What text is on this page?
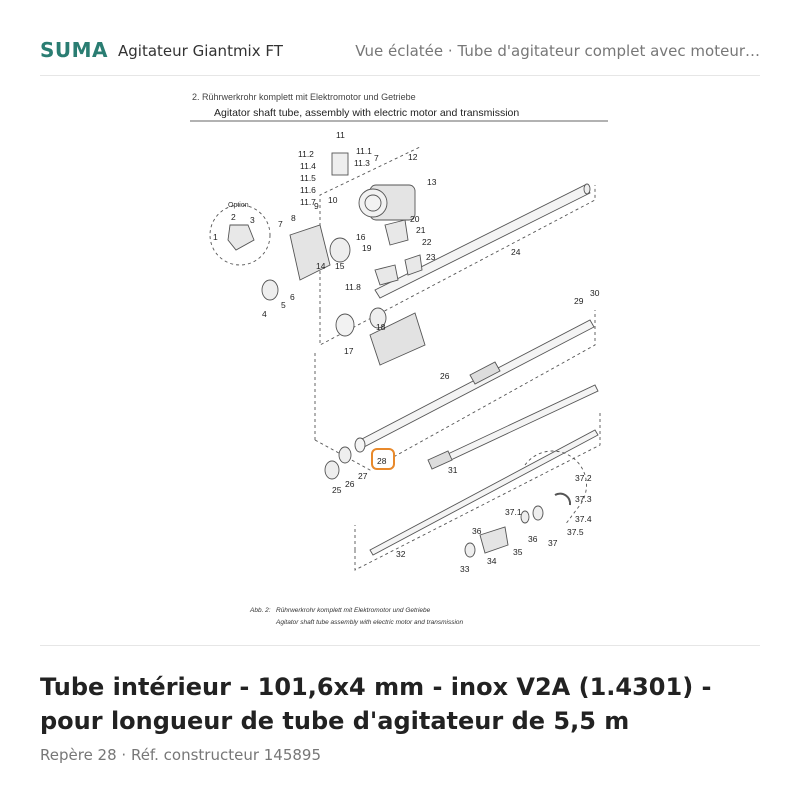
SUMA Agitateur Giantmix FT	Vue éclatée · Tube d'agitateur complet avec moteur…
2. Rührwerkrohr komplett mit Elektromotor und Getriebe
Agitator shaft tube, assembly with electric motor and transmission
Option
11
11.1
11.2
11.3
11.4
11.5
11.6
11.7
7	12
13
9
10
8	20
16
21
19
22
15
14
23	24
2 3
1
7
6
5
4
11.8
29
30
17
18
26
28
27
26
25
31
37.2
37.3
37.1
37.4
37.5
36
36 37
35
34
33
32
Abb. 2: Rührwerkrohr komplett mit Elektromotor und Getriebe
Agitator shaft tube assembly with electric motor and transmission
Tube intérieur - 101,6x4 mm - inox V2A (1.4301) - pour longueur de tube d'agitateur de 5,5 m
Repère 28 · Réf. constructeur 145895
